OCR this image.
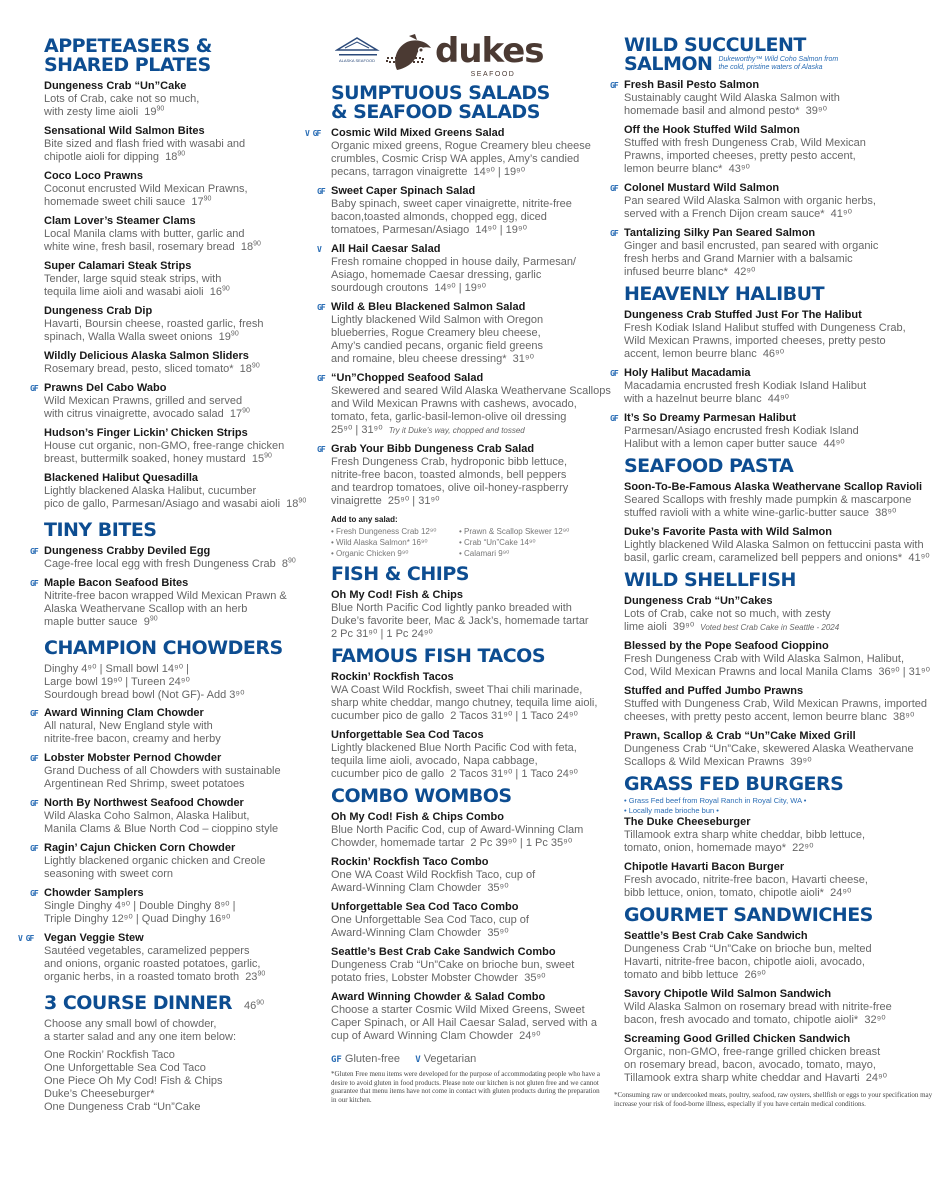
APPETEASERS &
SHARED PLATES
Dungeness Crab “Un”Cake
Lots of Crab, cake not so much,
with zesty lime aioli $19^{90}$
Sensational Wild Salmon Bites
Bite sized and flash fried with wasabi and
chipotle aioli for dipping $18^{90}$
Coco Loco Prawns
Coconut encrusted Wild Mexican Prawns,
homemade sweet chili sauce $17^{90}$
Clam Lover’s Steamer Clams
Local Manila clams with butter, garlic and
white wine, fresh basil, rosemary bread $18^{90}$
Super Calamari Steak Strips
Tender, large squid steak strips, with
tequila lime aioli and wasabi aioli $16^{90}$
Dungeness Crab Dip
Havarti, Boursin cheese, roasted garlic, fresh
spinach, Walla Walla sweet onions $19^{90}$
Wildly Delicious Alaska Salmon Sliders
Rosemary bread, pesto, sliced tomato* $18^{90}$
GF Prawns Del Cabo Wabo
Wild Mexican Prawns, grilled and served
with citrus vinaigrette, avocado salad $17^{90}$
Hudson’s Finger Lickin’ Chicken Strips
House cut organic, non-GMO, free-range chicken
breast, buttermilk soaked, honey mustard $15^{90}$
Blackened Halibut Quesadilla
Lightly blackened Alaska Halibut, cucumber
pico de gallo, Parmesan/Asiago and wasabi aioli $18^{90}$
TINY BITES
GF Dungeness Crabby Deviled Egg
Cage-free local egg with fresh Dungeness Crab $8^{90}$
GF Maple Bacon Seafood Bites
Nitrite-free bacon wrapped Wild Mexican Prawn &
Alaska Weathervane Scallop with an herb
maple butter sauce $9^{90}$
CHAMPION CHOWDERS
Dinghy 4⁹⁰ | Small bowl 14⁹⁰ |
Large bowl 19⁹⁰ | Tureen 24⁹⁰
Sourdough bread bowl (Not GF)- Add 3⁹⁰
GF Award Winning Clam Chowder
All natural, New England style with
nitrite-free bacon, creamy and herby
GF Lobster Mobster Pernod Chowder
Grand Duchess of all Chowders with sustainable
Argentinean Red Shrimp, sweet potatoes
GF North By Northwest Seafood Chowder
Wild Alaska Coho Salmon, Alaska Halibut,
Manila Clams & Blue North Cod – cioppino style
GF Ragin’ Cajun Chicken Corn Chowder
Lightly blackened organic chicken and Creole
seasoning with sweet corn
GF Chowder Samplers
Single Dinghy 4⁹⁰ | Double Dinghy 8⁹⁰ |
Triple Dinghy 12⁹⁰ | Quad Dinghy 16⁹⁰
V GF Vegan Veggie Stew
Sautéed vegetables, caramelized peppers
and onions, organic roasted potatoes, garlic,
organic herbs, in a roasted tomato broth $23^{90}$
3 COURSE DINNER $46^{90}$
Choose any small bowl of chowder,
a starter salad and any one item below:
One Rockin’ Rockfish Taco
One Unforgettable Sea Cod Taco
One Piece Oh My Cod! Fish & Chips
Duke’s Cheeseburger*
One Dungeness Crab “Un”Cake
ALASKA SEAFOOD dukes
SEAFOOD
SUMPTUOUS SALADS
& SEAFOOD SALADS
V GF Cosmic Wild Mixed Greens Salad
Organic mixed greens, Rogue Creamery bleu cheese
crumbles, Cosmic Crisp WA apples, Amy’s candied
pecans, tarragon vinaigrette 14⁹⁰ | 19⁹⁰
GF Sweet Caper Spinach Salad
Baby spinach, sweet caper vinaigrette, nitrite-free
bacon,toasted almonds, chopped egg, diced
tomatoes, Parmesan/Asiago 14⁹⁰ | 19⁹⁰
V All Hail Caesar Salad
Fresh romaine chopped in house daily, Parmesan/
Asiago, homemade Caesar dressing, garlic
sourdough croutons 14⁹⁰ | 19⁹⁰
GF Wild & Bleu Blackened Salmon Salad
Lightly blackened Wild Salmon with Oregon
blueberries, Rogue Creamery bleu cheese,
Amy’s candied pecans, organic field greens
and romaine, bleu cheese dressing* 31⁹⁰
GF “Un”Chopped Seafood Salad
Skewered and seared Wild Alaska Weathervane Scallops
and Wild Mexican Prawns with cashews, avocado,
tomato, feta, garlic-basil-lemon-olive oil dressing
25⁹⁰ | 31⁹⁰ Try it Duke’s way, chopped and tossed
GF Grab Your Bibb Dungeness Crab Salad
Fresh Dungeness Crab, hydroponic bibb lettuce,
nitrite-free bacon, toasted almonds, bell peppers
and teardrop tomatoes, olive oil-honey-raspberry
vinaigrette 25⁹⁰ | 31⁹⁰
Add to any salad:
• Fresh Dungeness Crab 12⁹⁰	• Prawn & Scallop Skewer 12⁹⁰
• Wild Alaska Salmon* 16⁹⁰	• Crab “Un”Cake 14⁹⁰
• Organic Chicken 9⁹⁰	• Calamari 9⁹⁰
FISH & CHIPS
Oh My Cod! Fish & Chips
Blue North Pacific Cod lightly panko breaded with
Duke’s favorite beer, Mac & Jack’s, homemade tartar
2 Pc 31⁹⁰ | 1 Pc 24⁹⁰
FAMOUS FISH TACOS
Rockin’ Rockfish Tacos
WA Coast Wild Rockfish, sweet Thai chili marinade,
sharp white cheddar, mango chutney, tequila lime aioli,
cucumber pico de gallo 2 Tacos 31⁹⁰ | 1 Taco 24⁹⁰
Unforgettable Sea Cod Tacos
Lightly blackened Blue North Pacific Cod with feta,
tequila lime aioli, avocado, Napa cabbage,
cucumber pico de gallo 2 Tacos 31⁹⁰ | 1 Taco 24⁹⁰
COMBO WOMBOS
Oh My Cod! Fish & Chips Combo
Blue North Pacific Cod, cup of Award-Winning Clam
Chowder, homemade tartar 2 Pc 39⁹⁰ | 1 Pc 35⁹⁰
Rockin’ Rockfish Taco Combo
One WA Coast Wild Rockfish Taco, cup of
Award-Winning Clam Chowder 35⁹⁰
Unforgettable Sea Cod Taco Combo
One Unforgettable Sea Cod Taco, cup of
Award-Winning Clam Chowder 35⁹⁰
Seattle’s Best Crab Cake Sandwich Combo
Dungeness Crab “Un”Cake on brioche bun, sweet
potato fries, Lobster Mobster Chowder 35⁹⁰
Award Winning Chowder & Salad Combo
Choose a starter Cosmic Wild Mixed Greens, Sweet
Caper Spinach, or All Hail Caesar Salad, served with a
cup of Award Winning Clam Chowder 24⁹⁰
GF Gluten-free V Vegetarian
*Gluten Free menu items were developed for the purpose of accommodating people who have a desire to avoid gluten in food products. Please note our kitchen is not gluten free and we cannot guarantee that menu items have not come in contact with gluten products during the preparation in our kitchen.
WILD SUCCULENT
SALMON Dukeworthy™ Wild Coho Salmon from
the cold, pristine waters of Alaska
GF Fresh Basil Pesto Salmon
Sustainably caught Wild Alaska Salmon with
homemade basil and almond pesto* 39⁹⁰
Off the Hook Stuffed Wild Salmon
Stuffed with fresh Dungeness Crab, Wild Mexican
Prawns, imported cheeses, pretty pesto accent,
lemon beurre blanc* 43⁹⁰
GF Colonel Mustard Wild Salmon
Pan seared Wild Alaska Salmon with organic herbs,
served with a French Dijon cream sauce* 41⁹⁰
GF Tantalizing Silky Pan Seared Salmon
Ginger and basil encrusted, pan seared with organic
fresh herbs and Grand Marnier with a balsamic
infused beurre blanc* 42⁹⁰
HEAVENLY HALIBUT
Dungeness Crab Stuffed Just For The Halibut
Fresh Kodiak Island Halibut stuffed with Dungeness Crab,
Wild Mexican Prawns, imported cheeses, pretty pesto
accent, lemon beurre blanc 46⁹⁰
GF Holy Halibut Macadamia
Macadamia encrusted fresh Kodiak Island Halibut
with a hazelnut beurre blanc 44⁹⁰
GF It’s So Dreamy Parmesan Halibut
Parmesan/Asiago encrusted fresh Kodiak Island
Halibut with a lemon caper butter sauce 44⁹⁰
SEAFOOD PASTA
Soon-To-Be-Famous Alaska Weathervane Scallop Ravioli
Seared Scallops with freshly made pumpkin & mascarpone
stuffed ravioli with a white wine-garlic-butter sauce 38⁹⁰
Duke’s Favorite Pasta with Wild Salmon
Lightly blackened Wild Alaska Salmon on fettuccini pasta with
basil, garlic cream, caramelized bell peppers and onions* 41⁹⁰
WILD SHELLFISH
Dungeness Crab “Un”Cakes
Lots of Crab, cake not so much, with zesty
lime aioli 39⁹⁰ Voted best Crab Cake in Seattle - 2024
Blessed by the Pope Seafood Cioppino
Fresh Dungeness Crab with Wild Alaska Salmon, Halibut,
Cod, Wild Mexican Prawns and local Manila Clams 36⁹⁰ | 31⁹⁰
Stuffed and Puffed Jumbo Prawns
Stuffed with Dungeness Crab, Wild Mexican Prawns, imported
cheeses, with pretty pesto accent, lemon beurre blanc 38⁹⁰
Prawn, Scallop & Crab “Un”Cake Mixed Grill
Dungeness Crab “Un”Cake, skewered Alaska Weathervane
Scallops & Wild Mexican Prawns 39⁹⁰
GRASS FED BURGERS
• Grass Fed beef from Royal Ranch in Royal City, WA •
• Locally made brioche bun •
The Duke Cheeseburger
Tillamook extra sharp white cheddar, bibb lettuce,
tomato, onion, homemade mayo* 22⁹⁰
Chipotle Havarti Bacon Burger
Fresh avocado, nitrite-free bacon, Havarti cheese,
bibb lettuce, onion, tomato, chipotle aioli* 24⁹⁰
GOURMET SANDWICHES
Seattle’s Best Crab Cake Sandwich
Dungeness Crab “Un”Cake on brioche bun, melted
Havarti, nitrite-free bacon, chipotle aioli, avocado,
tomato and bibb lettuce 26⁹⁰
Savory Chipotle Wild Salmon Sandwich
Wild Alaska Salmon on rosemary bread with nitrite-free
bacon, fresh avocado and tomato, chipotle aioli* 32⁹⁰
Screaming Good Grilled Chicken Sandwich
Organic, non-GMO, free-range grilled chicken breast
on rosemary bread, bacon, avocado, tomato, mayo,
Tillamook extra sharp white cheddar and Havarti 24⁹⁰
*Consuming raw or undercooked meats, poultry, seafood, raw oysters, shellfish or eggs to your specification may increase your risk of food-borne illness, especially if you have certain medical conditions.
